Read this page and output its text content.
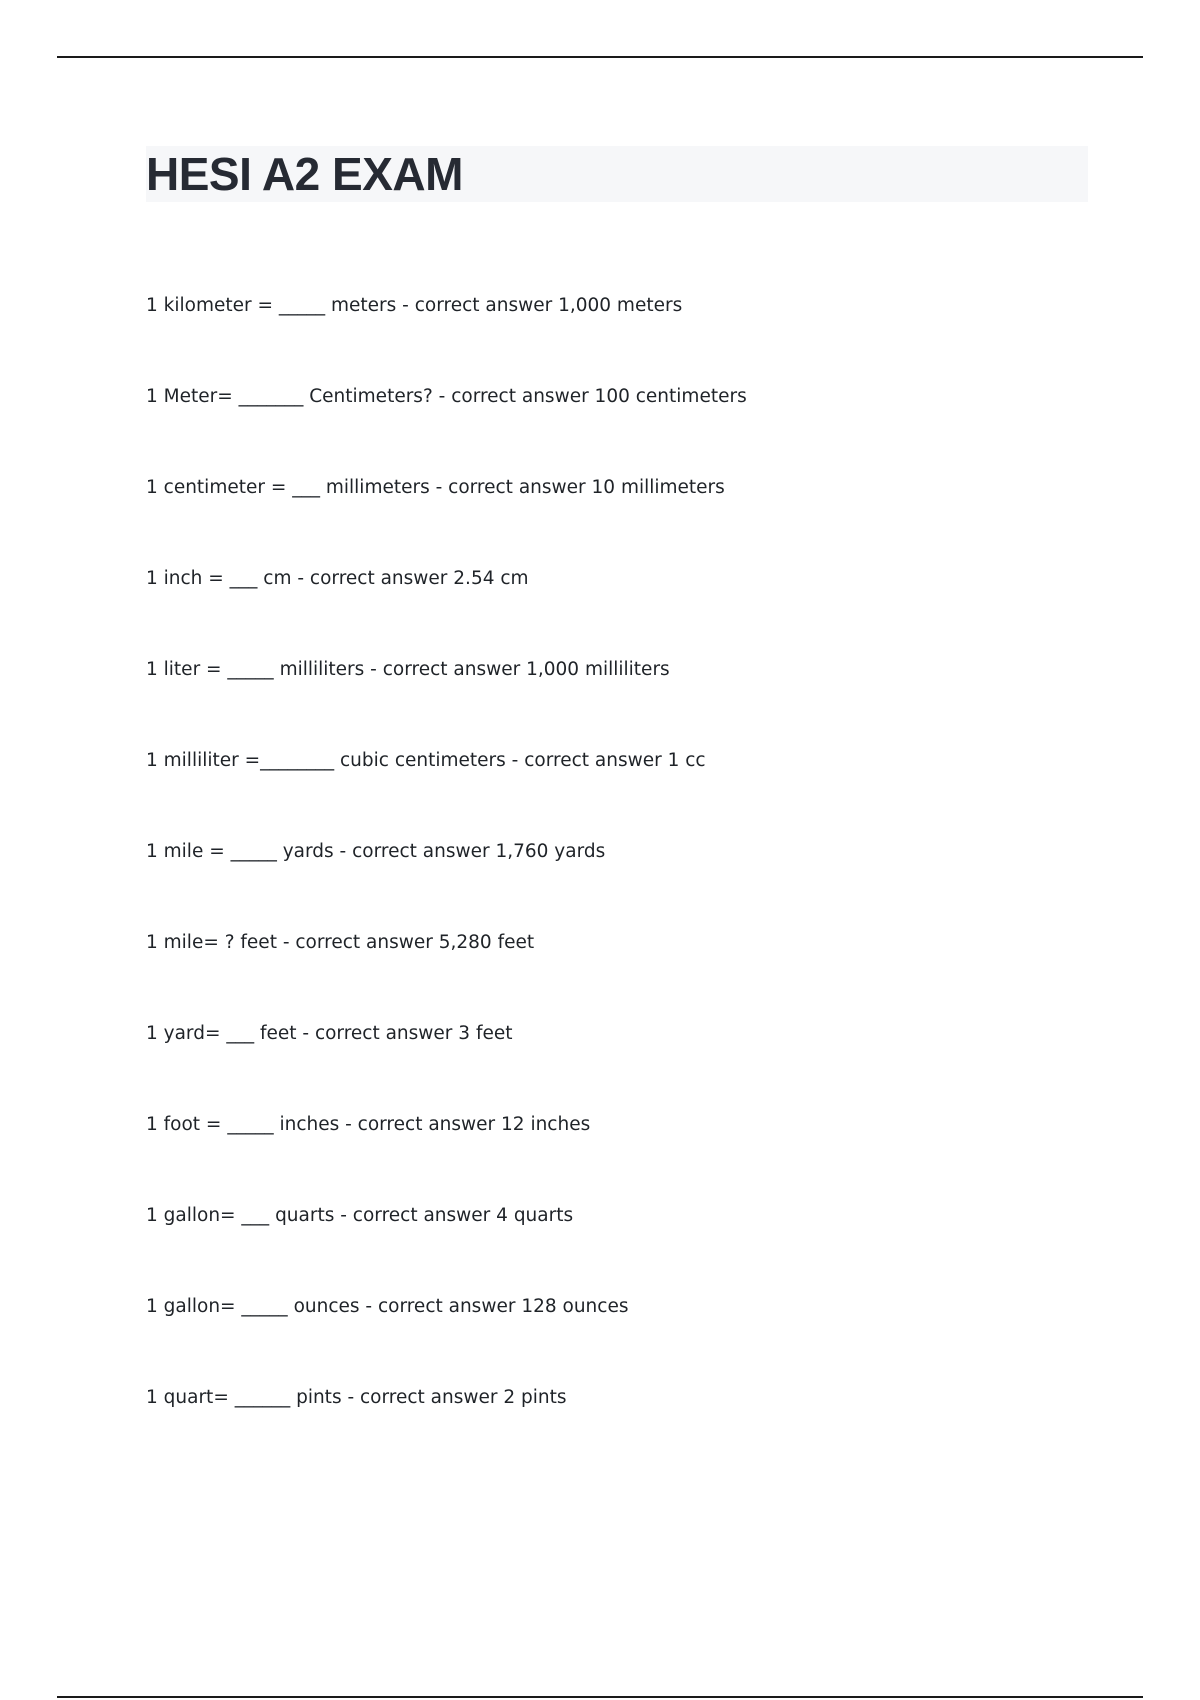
HESI A2 EXAM
1 kilometer = _____ meters - correct answer 1,000 meters
1 Meter= _______ Centimeters? - correct answer 100 centimeters
1 centimeter = ___ millimeters - correct answer 10 millimeters
1 inch = ___ cm - correct answer 2.54 cm
1 liter = _____ milliliters - correct answer 1,000 milliliters
1 milliliter =________ cubic centimeters - correct answer 1 cc
1 mile = _____ yards - correct answer 1,760 yards
1 mile= ? feet - correct answer 5,280 feet
1 yard= ___ feet - correct answer 3 feet
1 foot = _____ inches - correct answer 12 inches
1 gallon= ___ quarts - correct answer 4 quarts
1 gallon= _____ ounces - correct answer 128 ounces
1 quart= ______ pints - correct answer 2 pints
